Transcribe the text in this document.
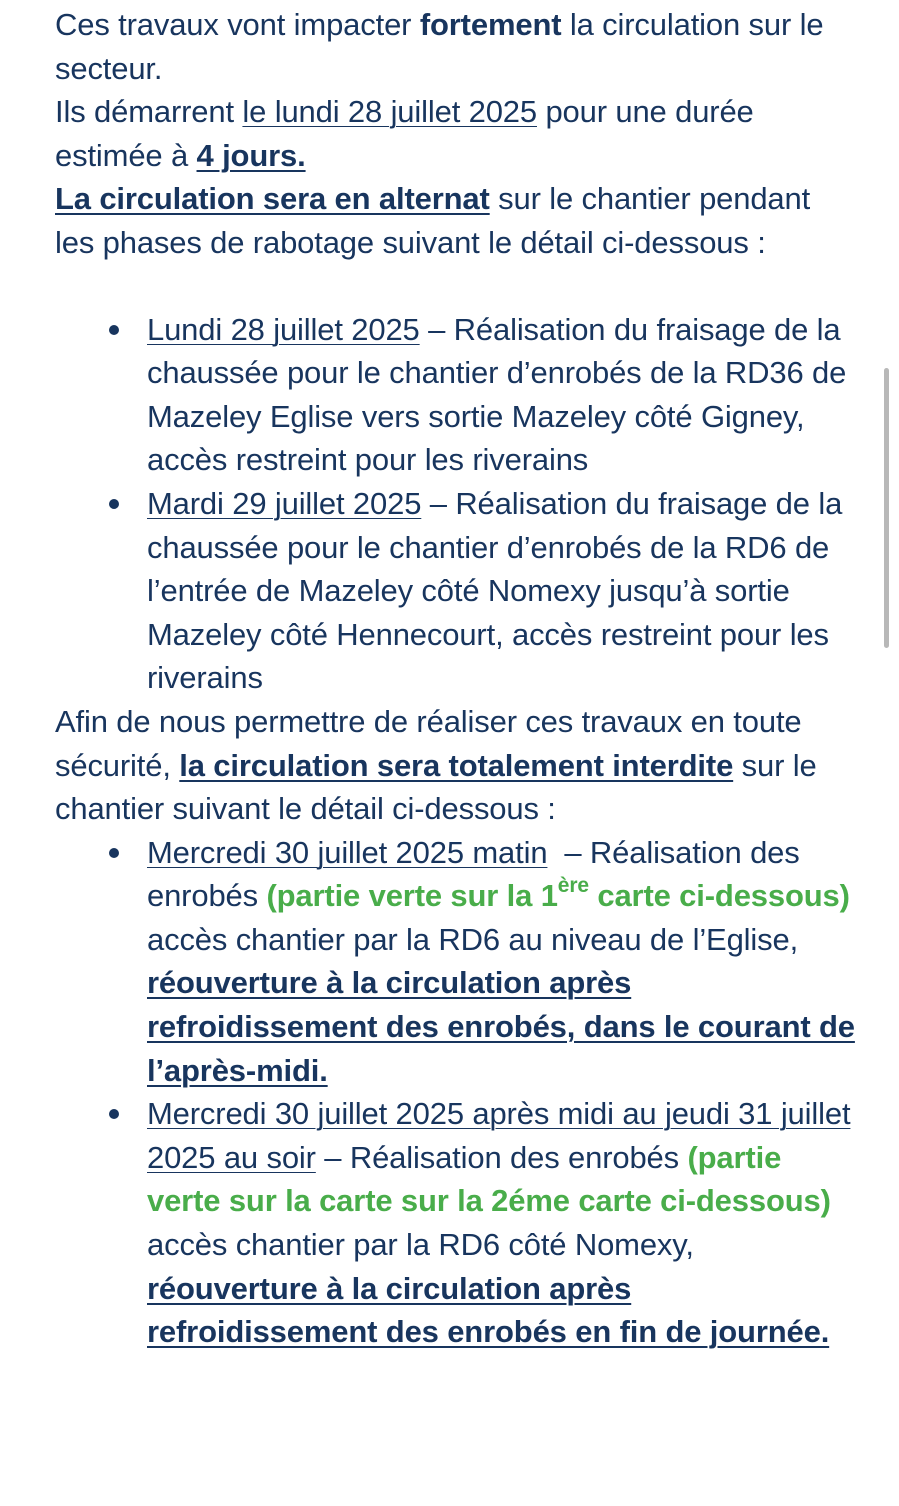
Ces travaux vont impacter fortement la circulation sur le secteur.

Ils démarrent le lundi 28 juillet 2025 pour une durée estimée à 4 jours.

La circulation sera en alternat sur le chantier pendant les phases de rabotage suivant le détail ci-dessous :

Lundi 28 juillet 2025 – Réalisation du fraisage de la chaussée pour le chantier d’enrobés de la RD36 de Mazeley Eglise vers sortie Mazeley côté Gigney, accès restreint pour les riverains
Mardi 29 juillet 2025 – Réalisation du fraisage de la chaussée pour le chantier d’enrobés de la RD6 de l’entrée de Mazeley côté Nomexy jusqu’à sortie Mazeley côté Hennecourt, accès restreint pour les riverains

Afin de nous permettre de réaliser ces travaux en toute sécurité, la circulation sera totalement interdite sur le chantier suivant le détail ci-dessous :

Mercredi 30 juillet 2025 matin  – Réalisation des enrobés (partie verte sur la 1ère carte ci-dessous) accès chantier par la RD6 au niveau de l’Eglise, réouverture à la circulation après refroidissement des enrobés, dans le courant de l’après-midi.
Mercredi 30 juillet 2025 après midi au jeudi 31 juillet 2025 au soir – Réalisation des enrobés (partie verte sur la carte sur la 2éme carte ci-dessous) accès chantier par la RD6 côté Nomexy, réouverture à la circulation après refroidissement des enrobés en fin de journée.
